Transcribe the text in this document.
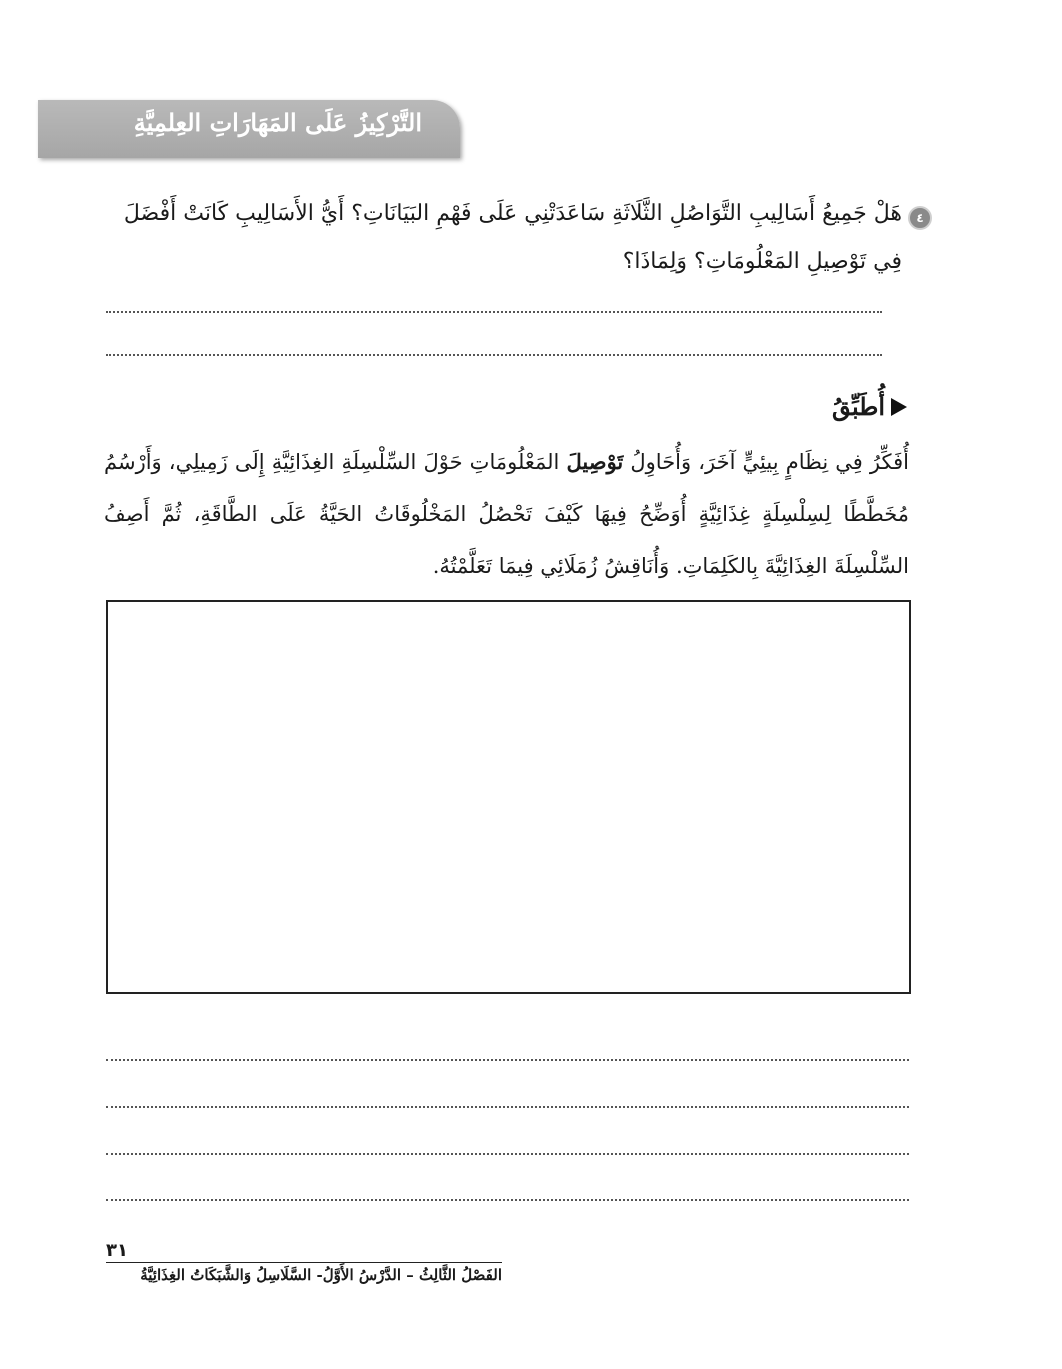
التَّرْكِيزُ عَلَى المَهَارَاتِ العِلمِيَّةِ
٤
هَلْ جَمِيعُ أَسَالِيبِ التَّوَاصُلِ الثَّلَاثَةِ سَاعَدَتْنِي عَلَى فَهْمِ البَيَانَاتِ؟ أَيُّ الأَسَالِيبِ كَانَتْ أَفْضَلَ فِي تَوْصِيلِ المَعْلُومَاتِ؟ وَلِمَاذَا؟
أُطَبِّقُ
أُفَكِّرُ فِي نِظَامٍ بِيئِيٍّ آخَرَ، وَأُحَاوِلُ تَوْصِيلَ المَعْلُومَاتِ حَوْلَ السِّلْسِلَةِ الغِذَائِيَّةِ إِلَى زَمِيلِي، وَأَرْسُمُ مُخَطَّطًا لِسِلْسِلَةٍ غِذَائِيَّةٍ أُوَضِّحُ فِيهَا كَيْفَ تَحْصُلُ المَخْلُوقَاتُ الحَيَّةُ عَلَى الطَّاقَةِ، ثُمَّ أَصِفُ السِّلْسِلَةَ الغِذَائِيَّةَ بِالكَلِمَاتِ. وَأُنَاقِشُ زُمَلَائِي فِيمَا تَعَلَّمْتُهُ.
٣١
الفَصْلُ الثَّالِثُ – الدَّرْسُ الأَوَّلُ- السَّلَاسِلُ وَالشَّبَكَاتُ الغِذَائِيَّةُ
